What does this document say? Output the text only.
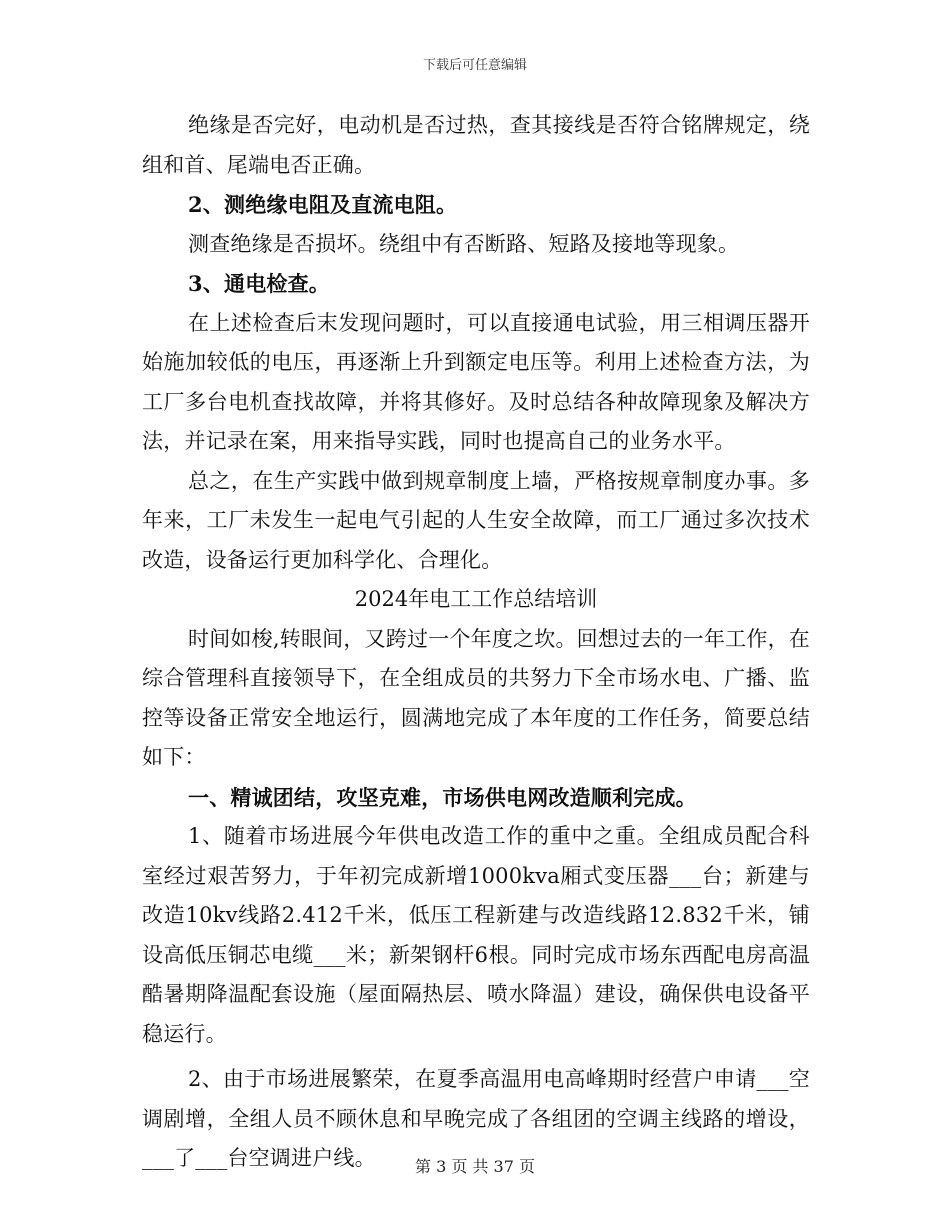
下载后可任意编辑

绝缘是否完好，电动机是否过热，查其接线是否符合铭牌规定，绕组和首、尾端电否正确。

2、测绝缘电阻及直流电阻。

测查绝缘是否损坏。绕组中有否断路、短路及接地等现象。

3、通电检查。

在上述检查后末发现问题时，可以直接通电试验，用三相调压器开始施加较低的电压，再逐渐上升到额定电压等。利用上述检查方法，为工厂多台电机查找故障，并将其修好。及时总结各种故障现象及解决方法，并记录在案，用来指导实践，同时也提高自己的业务水平。

总之，在生产实践中做到规章制度上墙，严格按规章制度办事。多年来，工厂未发生一起电气引起的人生安全故障，而工厂通过多次技术改造，设备运行更加科学化、合理化。

2024年电工工作总结培训

时间如梭,转眼间，又跨过一个年度之坎。回想过去的一年工作，在综合管理科直接领导下，在全组成员的共努力下全市场水电、广播、监控等设备正常安全地运行，圆满地完成了本年度的工作任务，简要总结如下：

一、精诚团结，攻坚克难，市场供电网改造顺利完成。

1、随着市场进展今年供电改造工作的重中之重。全组成员配合科室经过艰苦努力，于年初完成新增1000kva厢式变压器___台；新建与改造10kv线路2.412千米，低压工程新建与改造线路12.832千米，铺设高低压铜芯电缆___米；新架钢杆6根。同时完成市场东西配电房高温酷暑期降温配套设施（屋面隔热层、喷水降温）建设，确保供电设备平稳运行。

2、由于市场进展繁荣，在夏季高温用电高峰期时经营户申请___空调剧增，全组人员不顾休息和早晚完成了各组团的空调主线路的增设，___了___台空调进户线。	第 3 页 共 37 页
